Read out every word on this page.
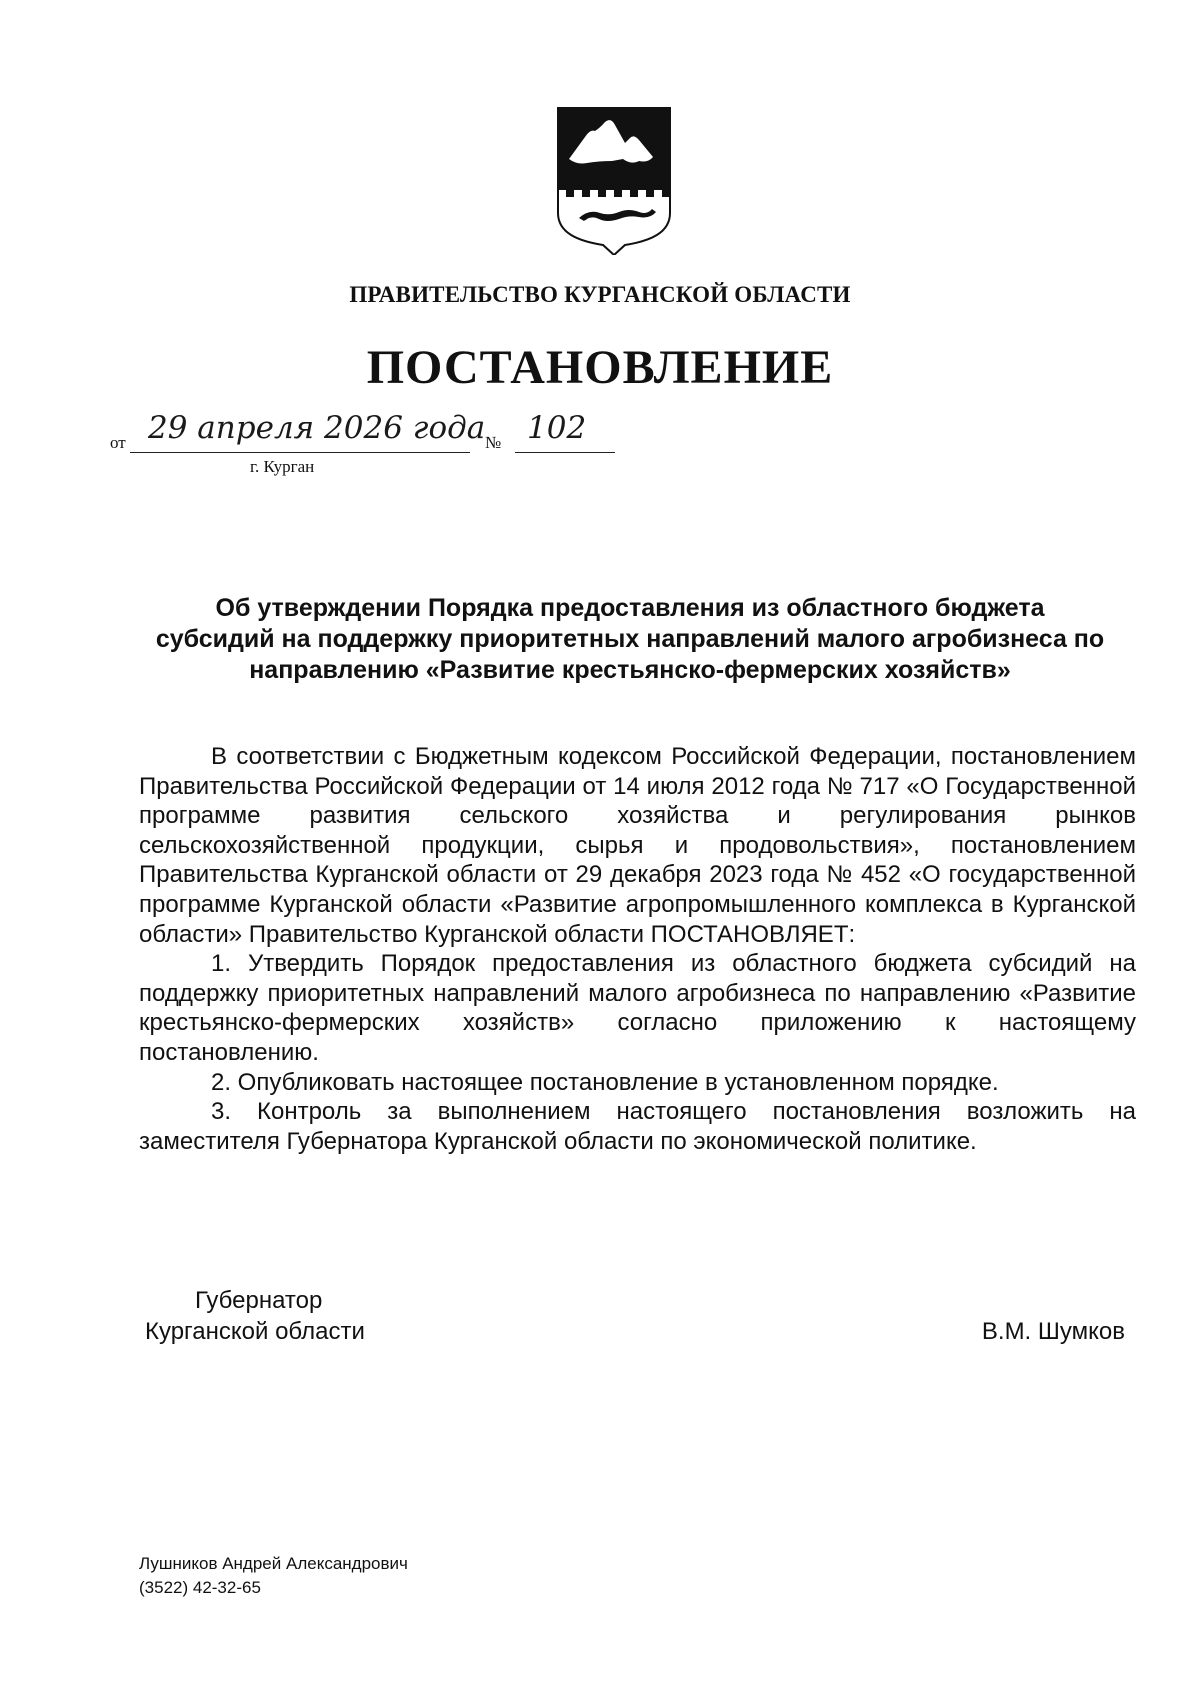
ПРАВИТЕЛЬСТВО КУРГАНСКОЙ ОБЛАСТИ
ПОСТАНОВЛЕНИЕ
от 29 апреля 2026 года № 102
г. Курган
Об утверждении Порядка предоставления из областного бюджета
субсидий на поддержку приоритетных направлений малого агробизнеса по
направлению «Развитие крестьянско-фермерских хозяйств»

В соответствии с Бюджетным кодексом Российской Федерации, постановлением Правительства Российской Федерации от 14 июля 2012 года № 717 «О Государственной программе развития сельского хозяйства и регулирования рынков сельскохозяйственной продукции, сырья и продовольствия», постановлением Правительства Курганской области от 29 декабря 2023 года № 452 «О государственной программе Курганской области «Развитие агропромышленного комплекса в Курганской области» Правительство Курганской области ПОСТАНОВЛЯЕТ:

1. Утвердить Порядок предоставления из областного бюджета субсидий на поддержку приоритетных направлений малого агробизнеса по направлению «Развитие крестьянско-фермерских хозяйств» согласно приложению к настоящему постановлению.

2. Опубликовать настоящее постановление в установленном порядке.

3. Контроль за выполнением настоящего постановления возложить на заместителя Губернатора Курганской области по экономической политике.

Губернатор
Курганской области	В.М. Шумков
Лушников Андрей Александрович
(3522) 42-32-65
